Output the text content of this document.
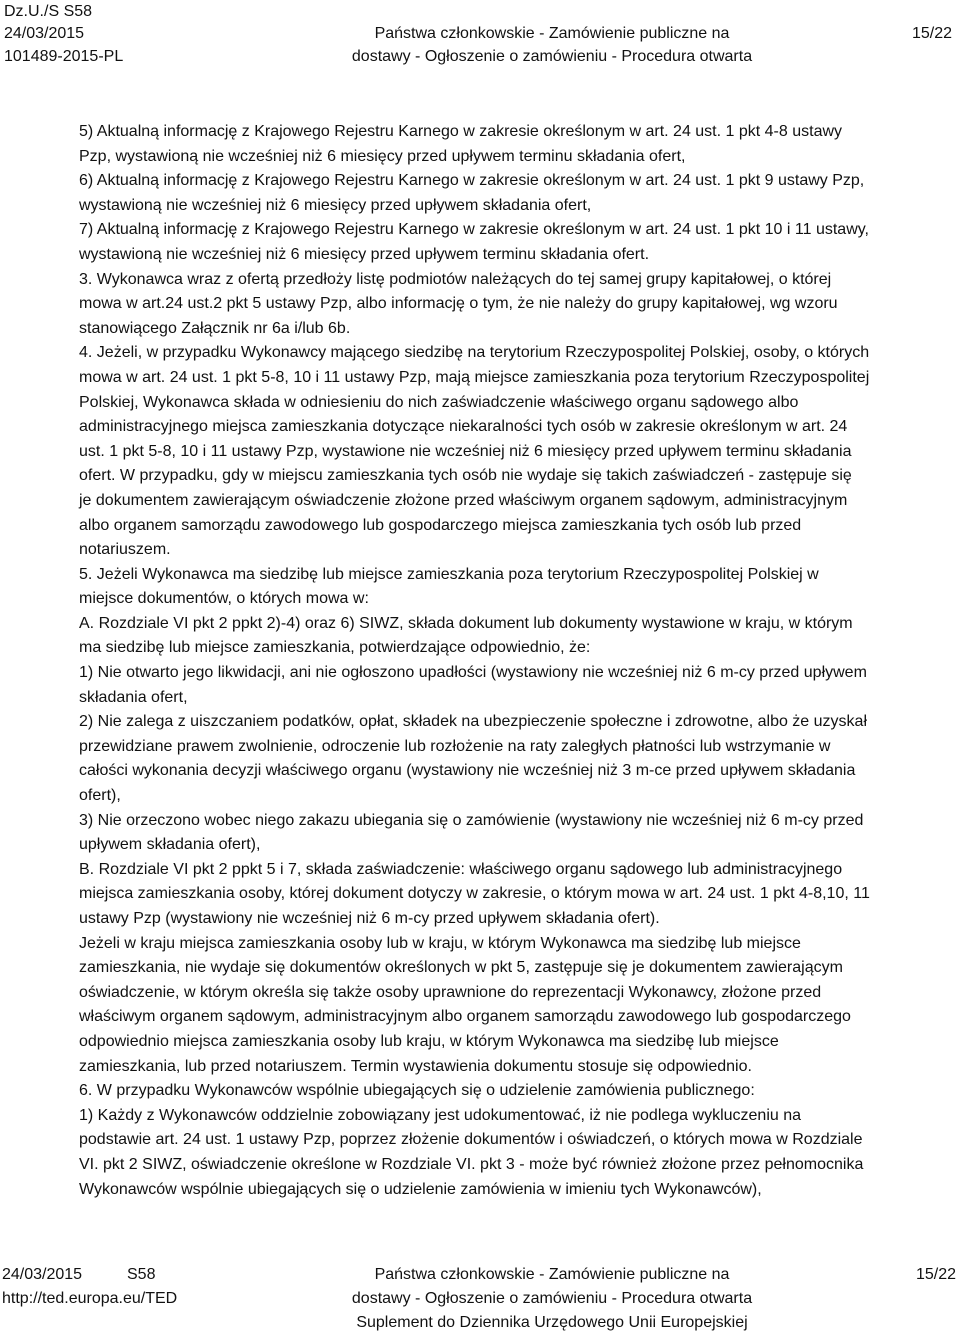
Dz.U./S S58
24/03/2015
101489-2015-PL
Państwa członkowskie - Zamówienie publiczne na
dostawy - Ogłoszenie o zamówieniu - Procedura otwarta
15/22

5) Aktualną informację z Krajowego Rejestru Karnego w zakresie określonym w art. 24 ust. 1 pkt 4-8 ustawy

Pzp, wystawioną nie wcześniej niż 6 miesięcy przed upływem terminu składania ofert,

6) Aktualną informację z Krajowego Rejestru Karnego w zakresie określonym w art. 24 ust. 1 pkt 9 ustawy Pzp,

wystawioną nie wcześniej niż 6 miesięcy przed upływem składania ofert,

7) Aktualną informację z Krajowego Rejestru Karnego w zakresie określonym w art. 24 ust. 1 pkt 10 i 11 ustawy,

wystawioną nie wcześniej niż 6 miesięcy przed upływem terminu składania ofert.

3. Wykonawca wraz z ofertą przedłoży listę podmiotów należących do tej samej grupy kapitałowej, o której

mowa w art.24 ust.2 pkt 5 ustawy Pzp, albo informację o tym, że nie należy do grupy kapitałowej, wg wzoru

stanowiącego Załącznik nr 6a i/lub 6b.

4. Jeżeli, w przypadku Wykonawcy mającego siedzibę na terytorium Rzeczypospolitej Polskiej, osoby, o których

mowa w art. 24 ust. 1 pkt 5-8, 10 i 11 ustawy Pzp, mają miejsce zamieszkania poza terytorium Rzeczypospolitej

Polskiej, Wykonawca składa w odniesieniu do nich zaświadczenie właściwego organu sądowego albo

administracyjnego miejsca zamieszkania dotyczące niekaralności tych osób w zakresie określonym w art. 24

ust. 1 pkt 5-8, 10 i 11 ustawy Pzp, wystawione nie wcześniej niż 6 miesięcy przed upływem terminu składania

ofert. W przypadku, gdy w miejscu zamieszkania tych osób nie wydaje się takich zaświadczeń - zastępuje się

je dokumentem zawierającym oświadczenie złożone przed właściwym organem sądowym, administracyjnym

albo organem samorządu zawodowego lub gospodarczego miejsca zamieszkania tych osób lub przed

notariuszem.

5. Jeżeli Wykonawca ma siedzibę lub miejsce zamieszkania poza terytorium Rzeczypospolitej Polskiej w

miejsce dokumentów, o których mowa w:

A. Rozdziale VI pkt 2 ppkt 2)-4) oraz 6) SIWZ, składa dokument lub dokumenty wystawione w kraju, w którym

ma siedzibę lub miejsce zamieszkania, potwierdzające odpowiednio, że:

1) Nie otwarto jego likwidacji, ani nie ogłoszono upadłości (wystawiony nie wcześniej niż 6 m-cy przed upływem

składania ofert,

2) Nie zalega z uiszczaniem podatków, opłat, składek na ubezpieczenie społeczne i zdrowotne, albo że uzyskał

przewidziane prawem zwolnienie, odroczenie lub rozłożenie na raty zaległych płatności lub wstrzymanie w

całości wykonania decyzji właściwego organu (wystawiony nie wcześniej niż 3 m-ce przed upływem składania

ofert),

3) Nie orzeczono wobec niego zakazu ubiegania się o zamówienie (wystawiony nie wcześniej niż 6 m-cy przed

upływem składania ofert),

B. Rozdziale VI pkt 2 ppkt 5 i 7, składa zaświadczenie: właściwego organu sądowego lub administracyjnego

miejsca zamieszkania osoby, której dokument dotyczy w zakresie, o którym mowa w art. 24 ust. 1 pkt 4-8,10, 11

ustawy Pzp (wystawiony nie wcześniej niż 6 m-cy przed upływem składania ofert).

Jeżeli w kraju miejsca zamieszkania osoby lub w kraju, w którym Wykonawca ma siedzibę lub miejsce

zamieszkania, nie wydaje się dokumentów określonych w pkt 5, zastępuje się je dokumentem zawierającym

oświadczenie, w którym określa się także osoby uprawnione do reprezentacji Wykonawcy, złożone przed

właściwym organem sądowym, administracyjnym albo organem samorządu zawodowego lub gospodarczego

odpowiednio miejsca zamieszkania osoby lub kraju, w którym Wykonawca ma siedzibę lub miejsce

zamieszkania, lub przed notariuszem. Termin wystawienia dokumentu stosuje się odpowiednio.

6. W przypadku Wykonawców wspólnie ubiegających się o udzielenie zamówienia publicznego:

1) Każdy z Wykonawców oddzielnie zobowiązany jest udokumentować, iż nie podlega wykluczeniu na

podstawie art. 24 ust. 1 ustawy Pzp, poprzez złożenie dokumentów i oświadczeń, o których mowa w Rozdziale

VI. pkt 2 SIWZ, oświadczenie określone w Rozdziale VI. pkt 3 - może być również złożone przez pełnomocnika

Wykonawców wspólnie ubiegających się o udzielenie zamówienia w imieniu tych Wykonawców),

24/03/2015	S58
http://ted.europa.eu/TED
Państwa członkowskie - Zamówienie publiczne na
dostawy - Ogłoszenie o zamówieniu - Procedura otwarta
Suplement do Dziennika Urzędowego Unii Europejskiej
15/22
